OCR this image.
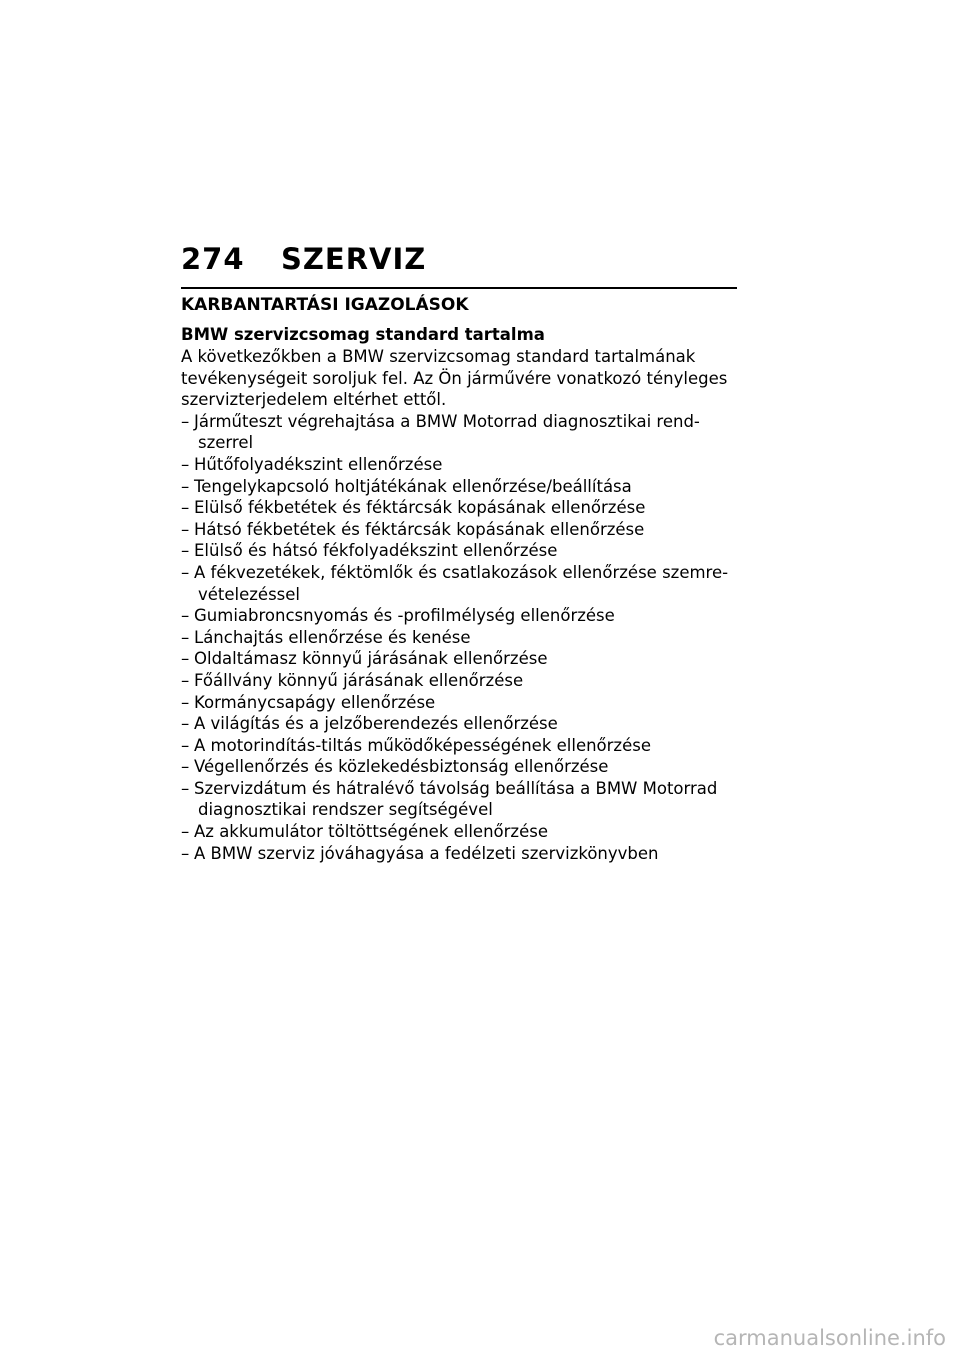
274	SZERVIZ
KARBANTARTÁSI IGAZOLÁSOK
BMW szervizcsomag standard tartalma

A következőkben a BMW szervizcsomag standard tartalmának tevékenységeit soroljuk fel. Az Ön járművére vonatkozó tényleges szervizterjedelem eltérhet ettől.

– Járműteszt végrehajtása a BMW Motorrad diagnosztikai rend-
szerrel
– Hűtőfolyadékszint ellenőrzése
– Tengelykapcsoló holtjátékának ellenőrzése/beállítása
– Elülső fékbetétek és féktárcsák kopásának ellenőrzése
– Hátsó fékbetétek és féktárcsák kopásának ellenőrzése
– Elülső és hátsó fékfolyadékszint ellenőrzése
– A fékvezetékek, féktömlők és csatlakozások ellenőrzése szemre-
vételezéssel
– Gumiabroncsnyomás és -profilmélység ellenőrzése
– Lánchajtás ellenőrzése és kenése
– Oldaltámasz könnyű járásának ellenőrzése
– Főállvány könnyű járásának ellenőrzése
– Kormánycsapágy ellenőrzése
– A világítás és a jelzőberendezés ellenőrzése
– A motorindítás-tiltás működőképességének ellenőrzése
– Végellenőrzés és közlekedésbiztonság ellenőrzése
– Szervizdátum és hátralévő távolság beállítása a BMW Motorrad
diagnosztikai rendszer segítségével
– Az akkumulátor töltöttségének ellenőrzése
– A BMW szerviz jóváhagyása a fedélzeti szervizkönyvben
carmanualsonline.info
